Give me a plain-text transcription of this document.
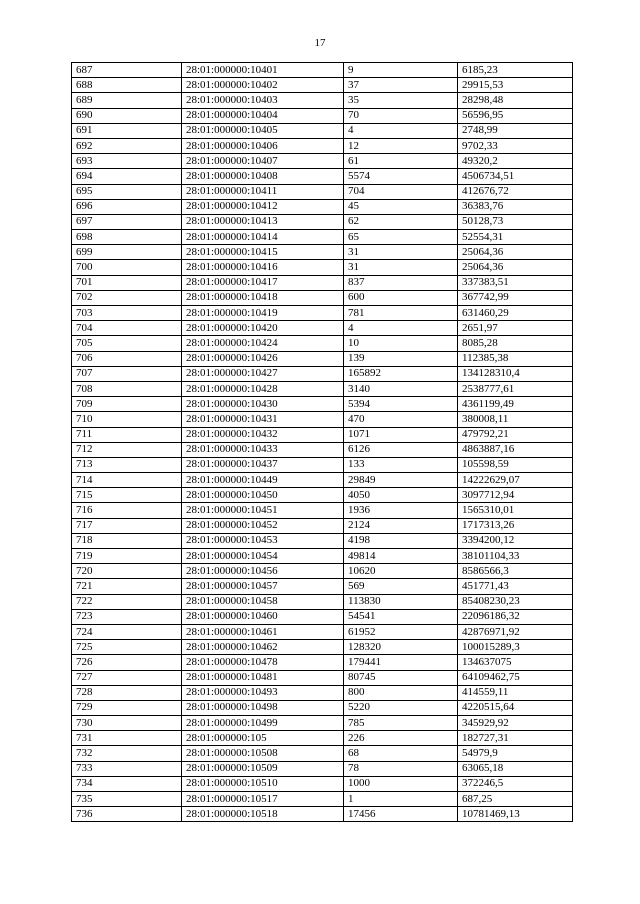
17
687	28:01:000000:10401	9	6185,23
688	28:01:000000:10402	37	29915,53
689	28:01:000000:10403	35	28298,48
690	28:01:000000:10404	70	56596,95
691	28:01:000000:10405	4	2748,99
692	28:01:000000:10406	12	9702,33
693	28:01:000000:10407	61	49320,2
694	28:01:000000:10408	5574	4506734,51
695	28:01:000000:10411	704	412676,72
696	28:01:000000:10412	45	36383,76
697	28:01:000000:10413	62	50128,73
698	28:01:000000:10414	65	52554,31
699	28:01:000000:10415	31	25064,36
700	28:01:000000:10416	31	25064,36
701	28:01:000000:10417	837	337383,51
702	28:01:000000:10418	600	367742,99
703	28:01:000000:10419	781	631460,29
704	28:01:000000:10420	4	2651,97
705	28:01:000000:10424	10	8085,28
706	28:01:000000:10426	139	112385,38
707	28:01:000000:10427	165892	134128310,4
708	28:01:000000:10428	3140	2538777,61
709	28:01:000000:10430	5394	4361199,49
710	28:01:000000:10431	470	380008,11
711	28:01:000000:10432	1071	479792,21
712	28:01:000000:10433	6126	4863887,16
713	28:01:000000:10437	133	105598,59
714	28:01:000000:10449	29849	14222629,07
715	28:01:000000:10450	4050	3097712,94
716	28:01:000000:10451	1936	1565310,01
717	28:01:000000:10452	2124	1717313,26
718	28:01:000000:10453	4198	3394200,12
719	28:01:000000:10454	49814	38101104,33
720	28:01:000000:10456	10620	8586566,3
721	28:01:000000:10457	569	451771,43
722	28:01:000000:10458	113830	85408230,23
723	28:01:000000:10460	54541	22096186,32
724	28:01:000000:10461	61952	42876971,92
725	28:01:000000:10462	128320	100015289,3
726	28:01:000000:10478	179441	134637075
727	28:01:000000:10481	80745	64109462,75
728	28:01:000000:10493	800	414559,11
729	28:01:000000:10498	5220	4220515,64
730	28:01:000000:10499	785	345929,92
731	28:01:000000:105	226	182727,31
732	28:01:000000:10508	68	54979,9
733	28:01:000000:10509	78	63065,18
734	28:01:000000:10510	1000	372246,5
735	28:01:000000:10517	1	687,25
736	28:01:000000:10518	17456	10781469,13
